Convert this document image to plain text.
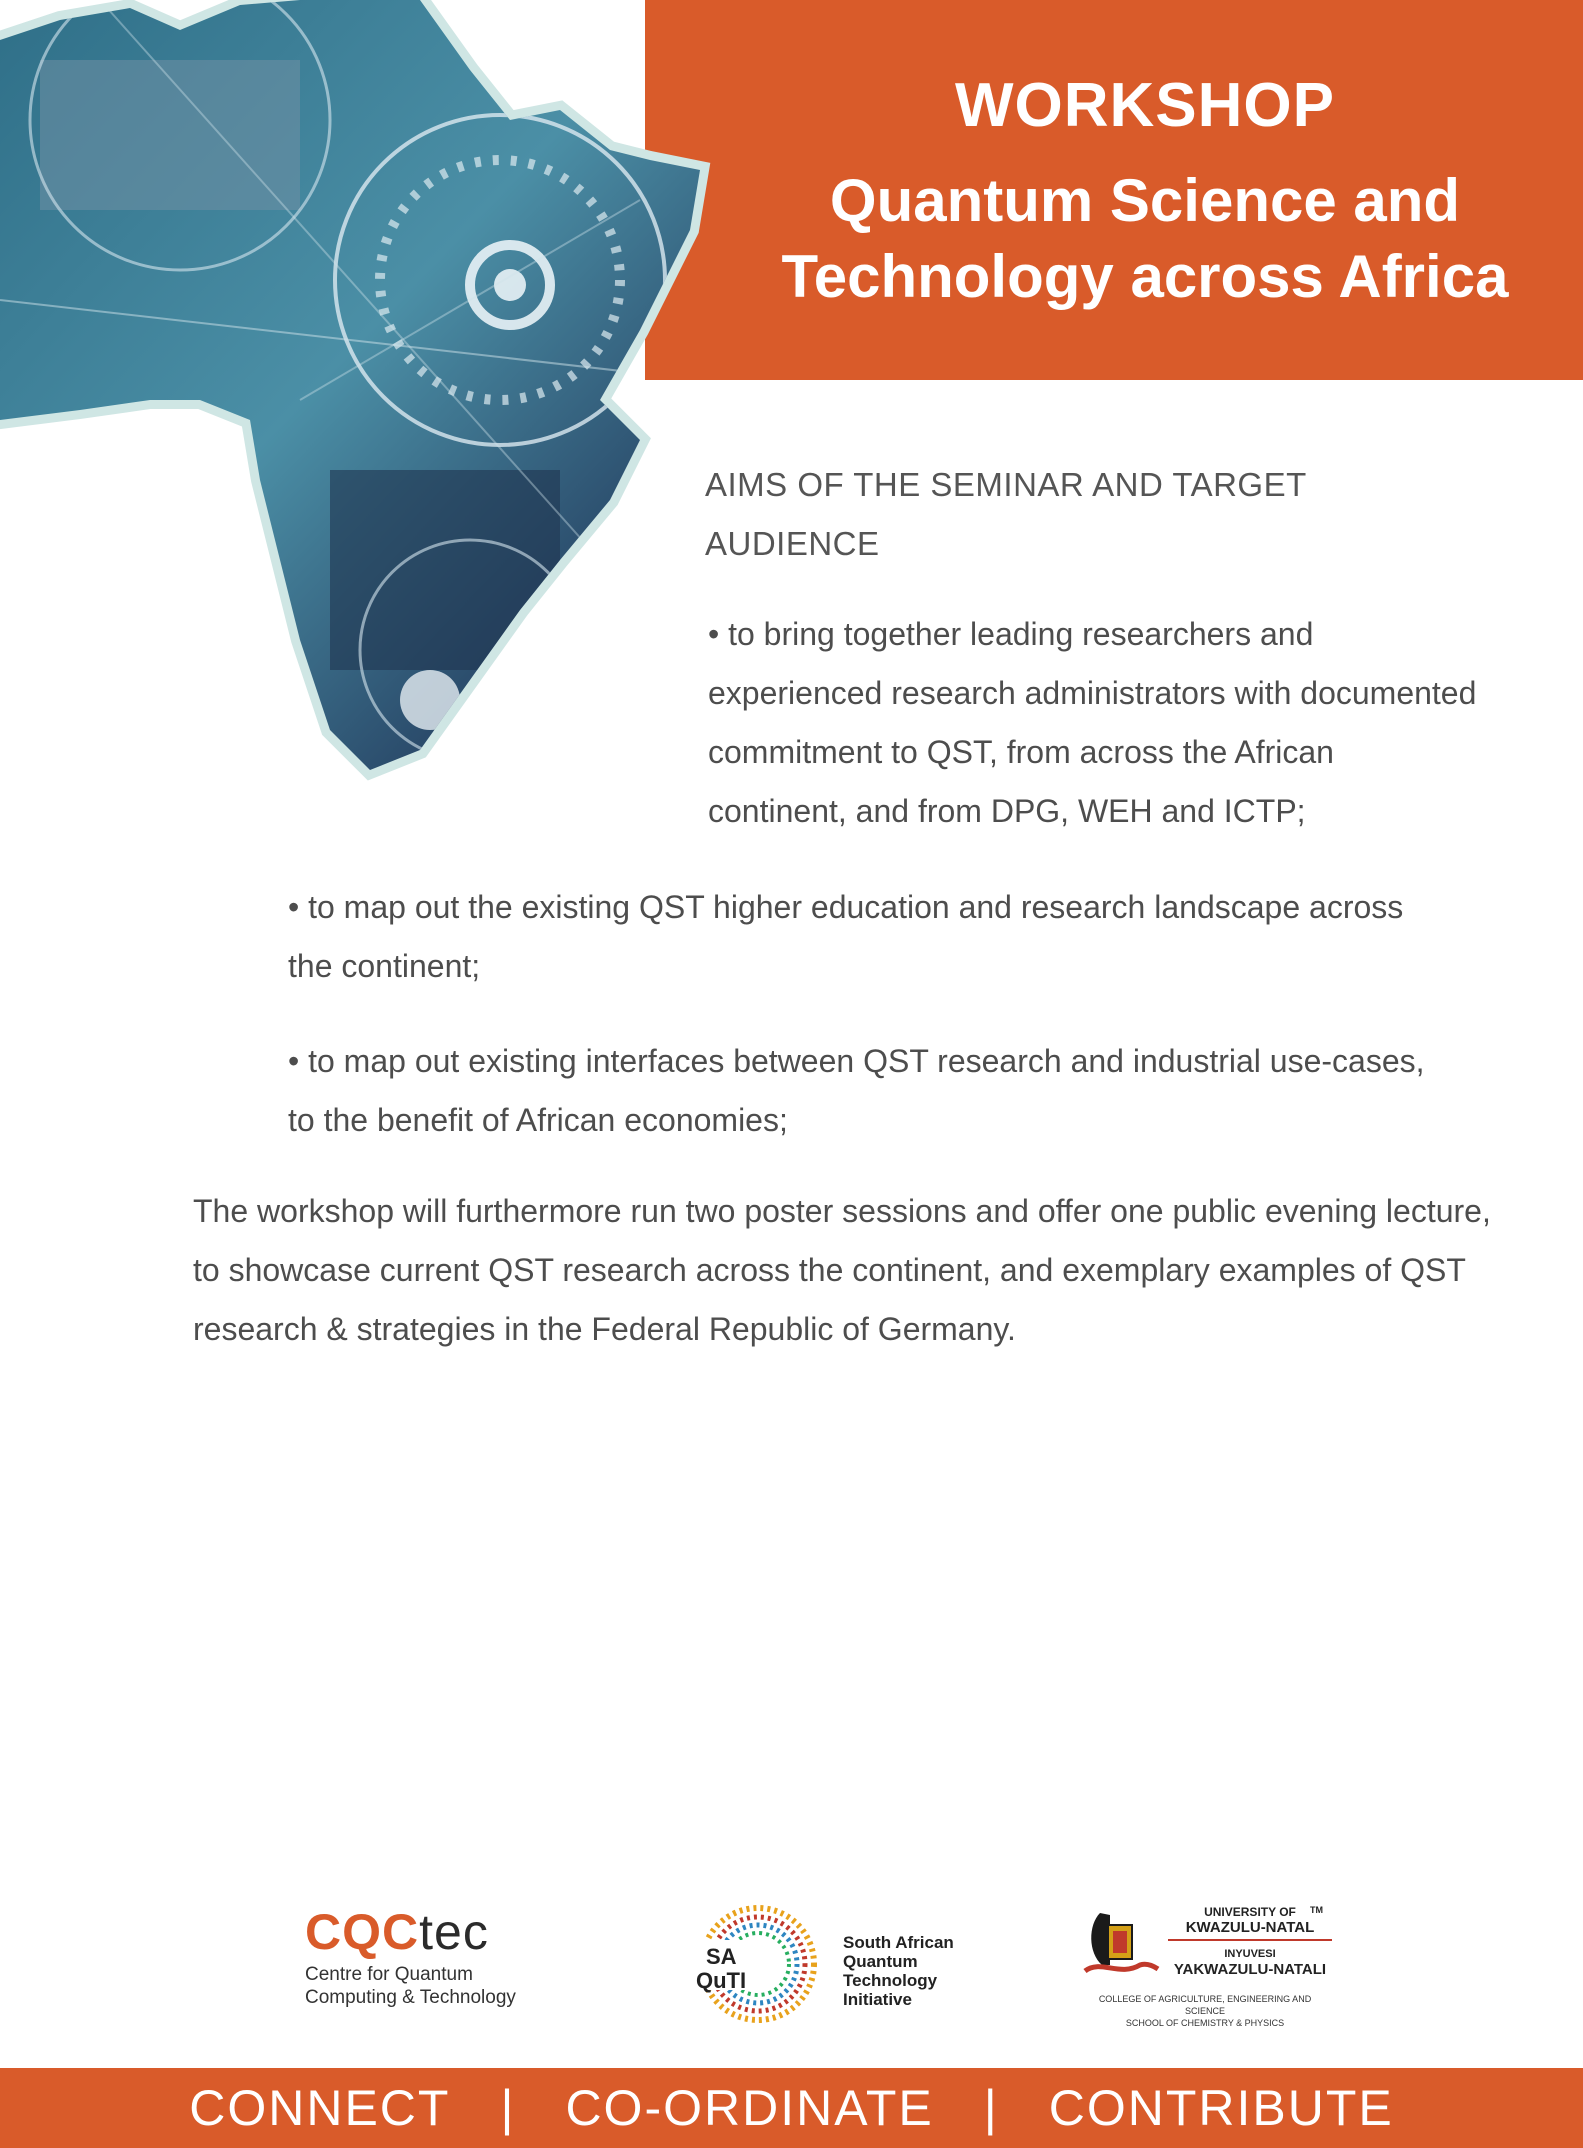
WORKSHOP
Quantum Science and
Technology across Africa
AIMS OF THE SEMINAR AND TARGET AUDIENCE
• to bring together leading researchers and experienced research administrators with documented commitment to QST, from across the African continent, and from DPG, WEH and ICTP;
• to map out the existing QST higher education and research landscape across the continent;
• to map out existing interfaces between QST research and industrial use-cases, to the benefit of African economies;
The workshop will furthermore run two poster sessions and offer one public evening lecture, to showcase current QST research across the continent, and exemplary examples of QST research & strategies in the Federal Republic of Germany.
CQCtec
Centre for Quantum
Computing & Technology
SA
QuTI
South African
Quantum
Technology
Initiative
UNIVERSITY OF
KWAZULU-NATAL
INYUVESI
YAKWAZULU-NATALI
TM
COLLEGE OF AGRICULTURE, ENGINEERING AND SCIENCE
SCHOOL OF CHEMISTRY & PHYSICS
CONNECT | CO-ORDINATE | CONTRIBUTE
